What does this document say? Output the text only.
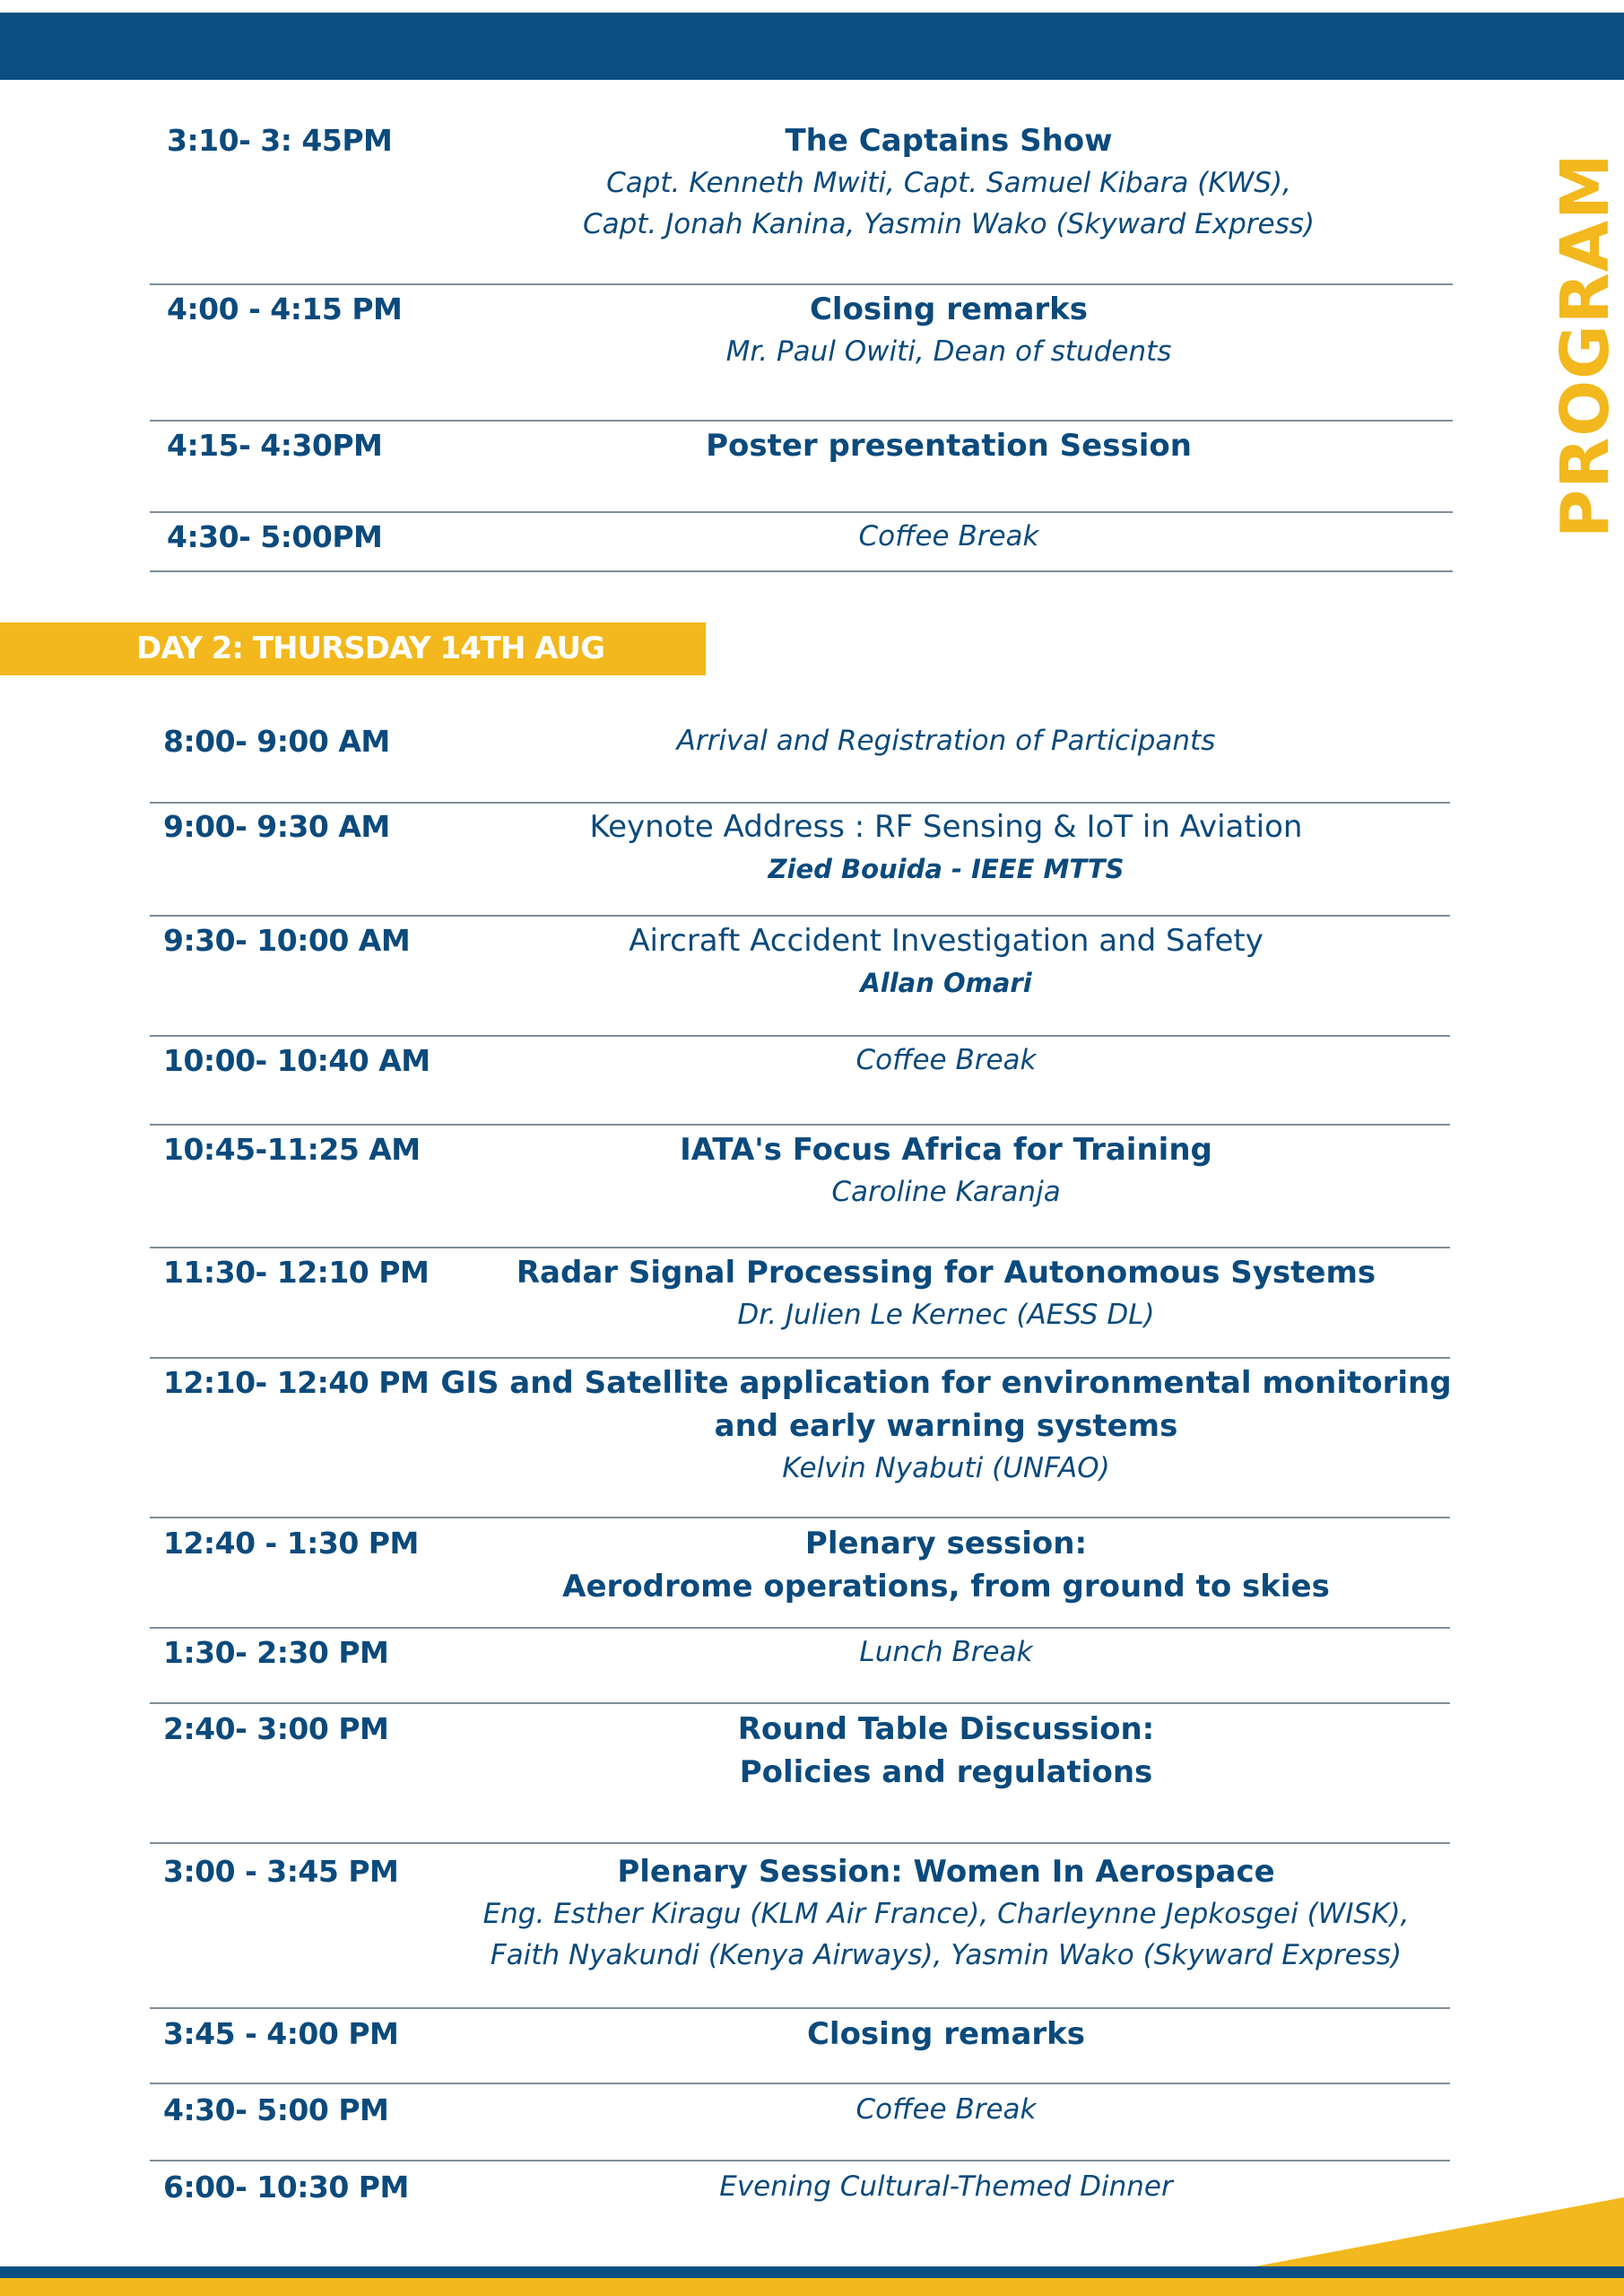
PROGRAM
3:10- 3: 45PM	The Captains Show
Capt. Kenneth Mwiti, Capt. Samuel Kibara (KWS),
Capt. Jonah Kanina, Yasmin Wako (Skyward Express)
4:00 - 4:15 PM	Closing remarks
Mr. Paul Owiti, Dean of students
4:15- 4:30PM	Poster presentation Session
4:30- 5:00PM	Coffee Break
DAY 2: THURSDAY 14TH AUG
8:00- 9:00 AM	Arrival and Registration of Participants
9:00- 9:30 AM	Keynote Address : RF Sensing & IoT in Aviation
Zied Bouida - IEEE MTTS
9:30- 10:00 AM	Aircraft Accident Investigation and Safety
Allan Omari
10:00- 10:40 AM	Coffee Break
10:45-11:25 AM	IATA's Focus Africa for Training
Caroline Karanja
11:30- 12:10 PM	Radar Signal Processing for Autonomous Systems
Dr. Julien Le Kernec (AESS DL)
12:10- 12:40 PM GIS and Satellite application for environmental monitoring
and early warning systems
Kelvin Nyabuti (UNFAO)
12:40 - 1:30 PM	Plenary session:
Aerodrome operations, from ground to skies
1:30- 2:30 PM	Lunch Break
2:40- 3:00 PM	Round Table Discussion:
Policies and regulations
3:00 - 3:45 PM	Plenary Session: Women In Aerospace
Eng. Esther Kiragu (KLM Air France), Charleynne Jepkosgei (WISK),
Faith Nyakundi (Kenya Airways), Yasmin Wako (Skyward Express)
3:45 - 4:00 PM	Closing remarks
4:30- 5:00 PM	Coffee Break
6:00- 10:30 PM	Evening Cultural-Themed Dinner
